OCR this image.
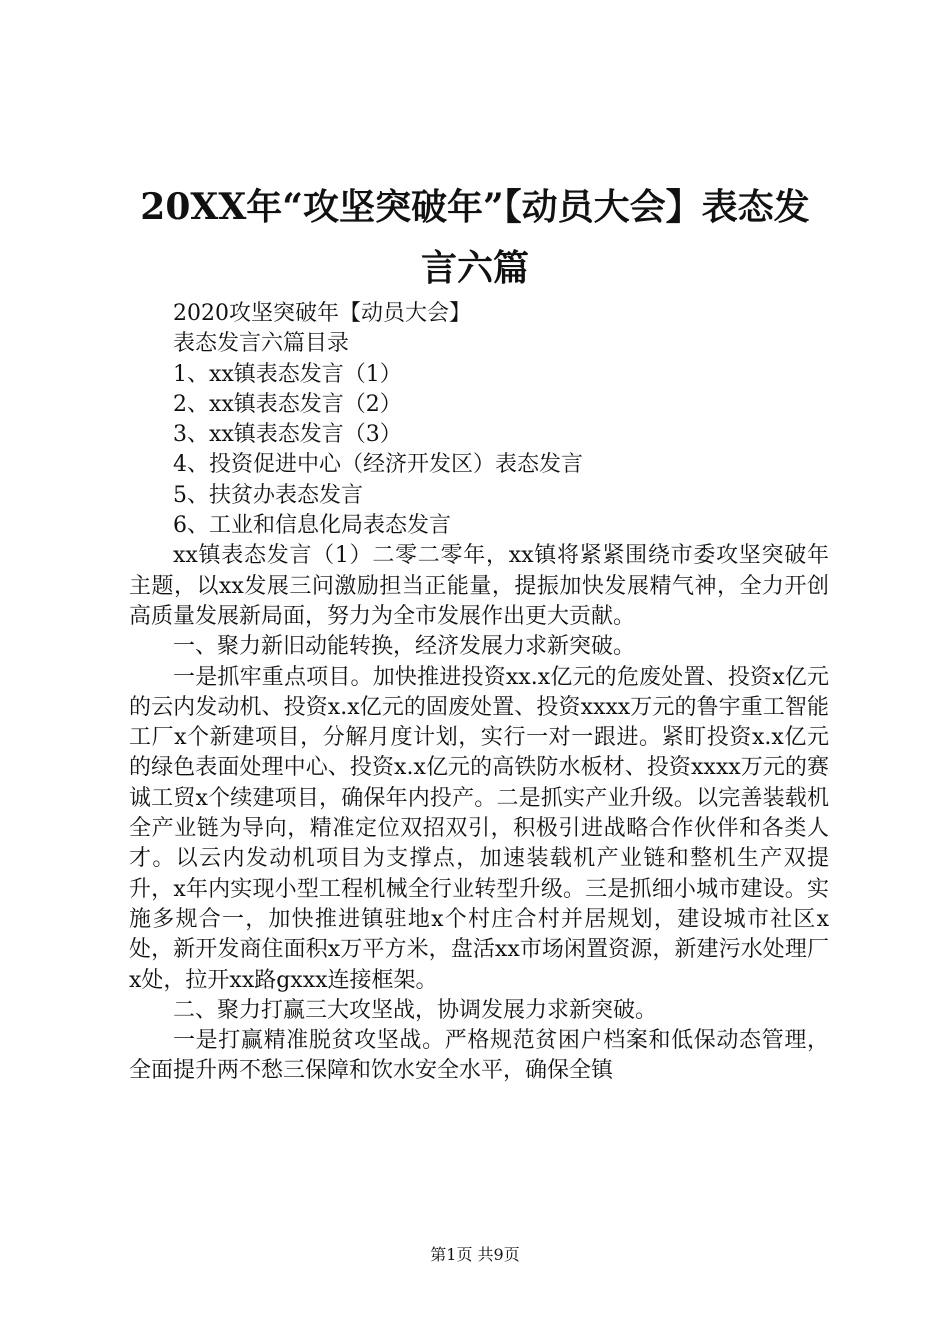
20XX年“攻坚突破年”【动员大会】表态发
言六篇

2020攻坚突破年【动员大会】

表态发言六篇目录

1、xx镇表态发言（1）

2、xx镇表态发言（2）

3、xx镇表态发言（3）

4、投资促进中心（经济开发区）表态发言

5、扶贫办表态发言

6、工业和信息化局表态发言

xx镇表态发言（1）二零二零年，xx镇将紧紧围绕市委攻坚突破年主题，以xx发展三问激励担当正能量，提振加快发展精气神，全力开创高质量发展新局面，努力为全市发展作出更大贡献。

一、聚力新旧动能转换，经济发展力求新突破。

一是抓牢重点项目。加快推进投资xx.x亿元的危废处置、投资x亿元的云内发动机、投资x.x亿元的固废处置、投资xxxx万元的鲁宇重工智能工厂x个新建项目，分解月度计划，实行一对一跟进。紧盯投资x.x亿元的绿色表面处理中心、投资x.x亿元的高铁防水板材、投资xxxx万元的赛诚工贸x个续建项目，确保年内投产。二是抓实产业升级。以完善装载机全产业链为导向，精准定位双招双引，积极引进战略合作伙伴和各类人才。以云内发动机项目为支撑点，加速装载机产业链和整机生产双提升，x年内实现小型工程机械全行业转型升级。三是抓细小城市建设。实施多规合一，加快推进镇驻地x个村庄合村并居规划，建设城市社区x处，新开发商住面积x万平方米，盘活xx市场闲置资源，新建污水处理厂x处，拉开xx路gxxx连接框架。

二、聚力打赢三大攻坚战，协调发展力求新突破。

一是打赢精准脱贫攻坚战。严格规范贫困户档案和低保动态管理，全面提升两不愁三保障和饮水安全水平，确保全镇

第1页 共9页
